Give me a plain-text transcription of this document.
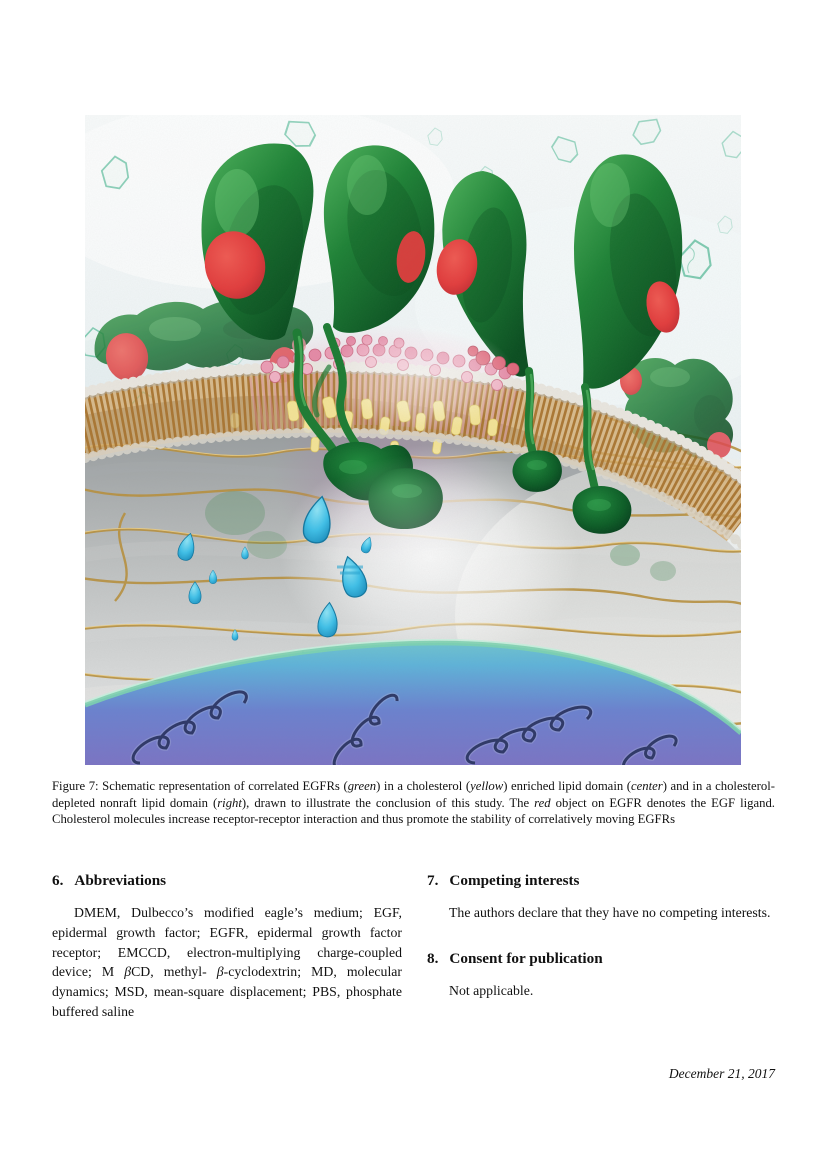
Figure 7: Schematic representation of correlated EGFRs (green) in a cholesterol (yellow) enriched lipid domain (center) and in a cholesterol-depleted nonraft lipid domain (right), drawn to illustrate the conclusion of this study. The red object on EGFR denotes the EGF ligand. Cholesterol molecules increase receptor-receptor interaction and thus promote the stability of correlatively moving EGFRs
6. Abbreviations

DMEM, Dulbecco’s modified eagle’s medium; EGF, epidermal growth factor; EGFR, epidermal growth factor receptor; EMCCD, electron-multiplying charge-coupled device; M βCD, methyl- β-cyclodextrin; MD, molecular dynamics; MSD, mean-square displacement; PBS, phosphate buffered saline

7. Competing interests

The authors declare that they have no competing interests.

8. Consent for publication

Not applicable.

December 21, 2017
